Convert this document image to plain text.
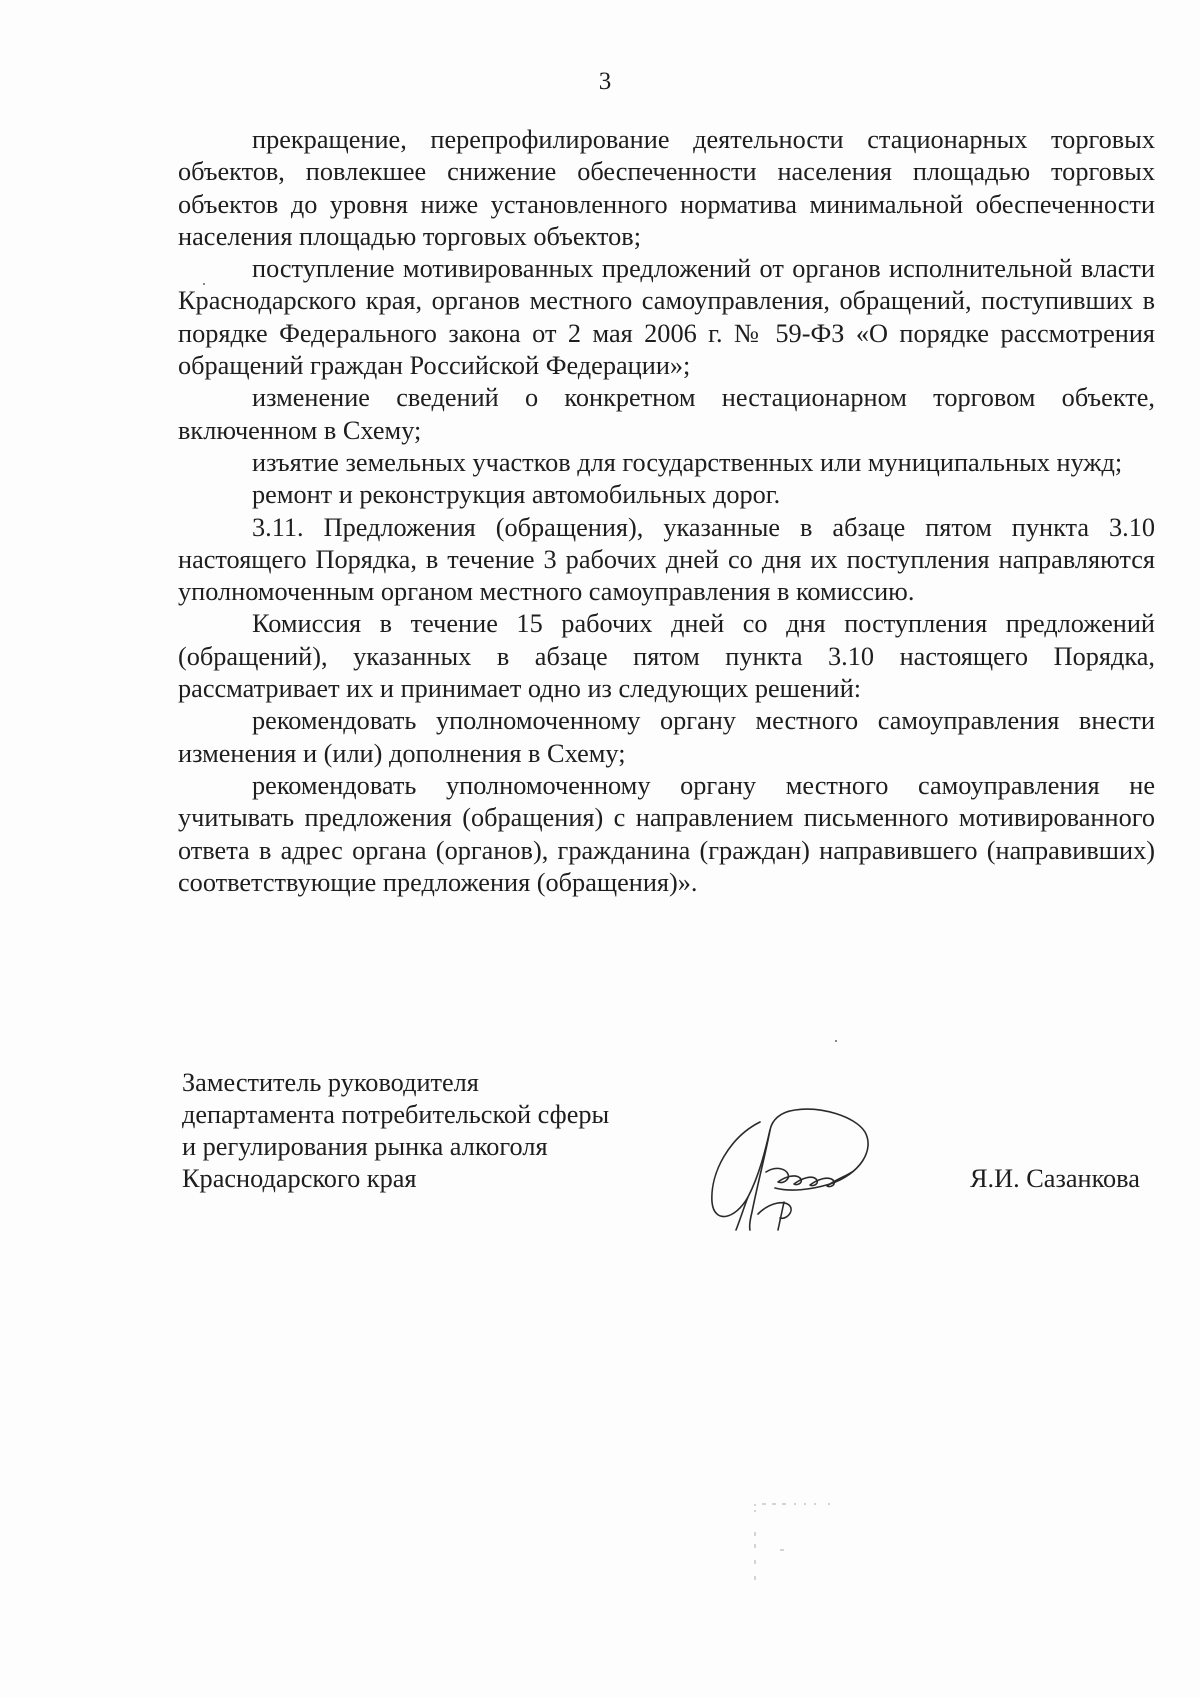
3

прекращение, перепрофилирование деятельности стационарных торговых объектов, повлекшее снижение обеспеченности населения площадью торговых объектов до уровня ниже установленного норматива минимальной обеспеченности населения площадью торговых объектов;

поступление мотивированных предложений от органов исполнительной власти Краснодарского края, органов местного самоуправления, обращений, поступивших в порядке Федерального закона от 2 мая 2006 г. № 59-ФЗ «О порядке рассмотрения обращений граждан Российской Федерации»;

изменение сведений о конкретном нестационарном торговом объекте, включенном в Схему;

изъятие земельных участков для государственных или муниципальных нужд;

ремонт и реконструкция автомобильных дорог.

3.11. Предложения (обращения), указанные в абзаце пятом пункта 3.10 настоящего Порядка, в течение 3 рабочих дней со дня их поступления направляются уполномоченным органом местного самоуправления в комиссию.

Комиссия в течение 15 рабочих дней со дня поступления предложений (обращений), указанных в абзаце пятом пункта 3.10 настоящего Порядка, рассматривает их и принимает одно из следующих решений:

рекомендовать уполномоченному органу местного самоуправления внести изменения и (или) дополнения в Схему;

рекомендовать уполномоченному органу местного самоуправления не учитывать предложения (обращения) с направлением письменного мотивированного ответа в адрес органа (органов), гражданина (граждан) направившего (направивших) соответствующие предложения (обращения)».

Заместитель руководителя
департамента потребительской сферы
и регулирования рынка алкоголя
Краснодарского края	Я.И. Сазанкова
